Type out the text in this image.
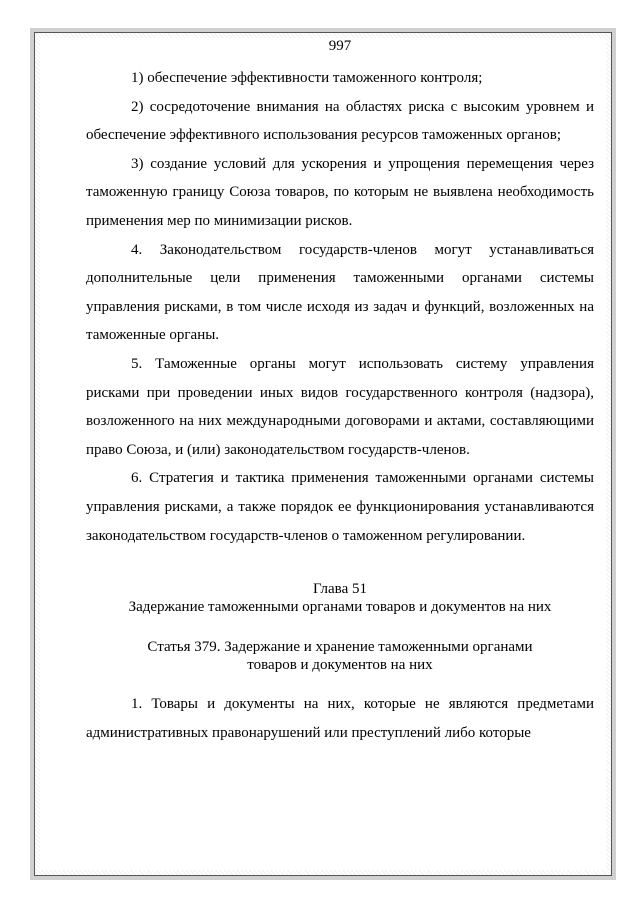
997

1) обеспечение эффективности таможенного контроля;

2) сосредоточение внимания на областях риска с высоким уровнем и обеспечение эффективного использования ресурсов таможенных органов;

3) создание условий для ускорения и упрощения перемещения через таможенную границу Союза товаров, по которым не выявлена необходимость применения мер по минимизации рисков.

4. Законодательством государств-членов могут устанавливаться дополнительные цели применения таможенными органами системы управления рисками, в том числе исходя из задач и функций, возложенных на таможенные органы.

5. Таможенные органы могут использовать систему управления рисками при проведении иных видов государственного контроля (надзора), возложенного на них международными договорами и актами, составляющими право Союза, и (или) законодательством государств-членов.

6. Стратегия и тактика применения таможенными органами системы управления рисками, а также порядок ее функционирования устанавливаются законодательством государств-членов о таможенном регулировании.

Глава 51
Задержание таможенными органами товаров и документов на них
Статья 379. Задержание и хранение таможенными органами
товаров и документов на них

1. Товары и документы на них, которые не являются предметами административных правонарушений или преступлений либо которые
